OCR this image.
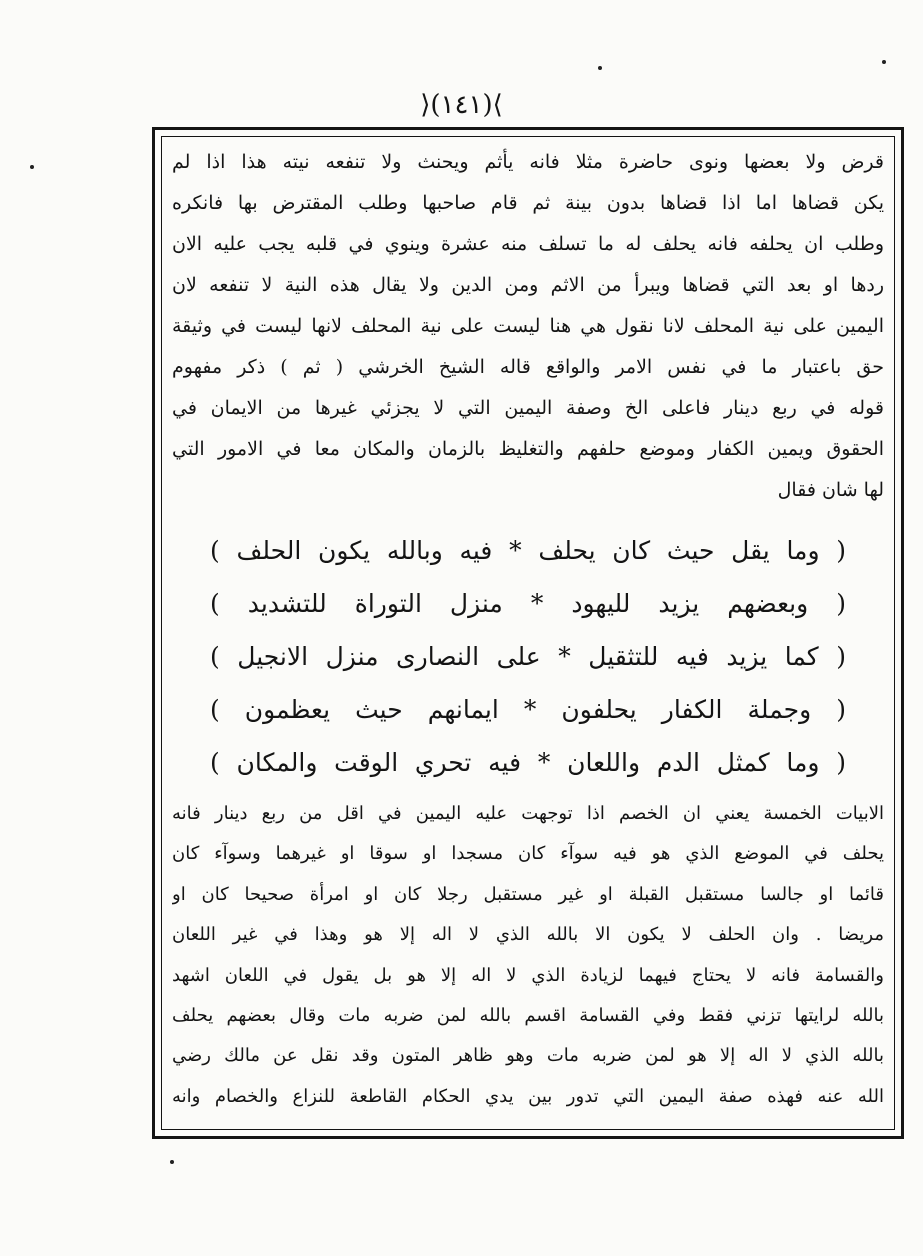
⟩(١٤١)⟨
قرض ولا بعضها ونوى حاضرة مثلا فانه يأثم ويحنث ولا تنفعه نيته هذا اذا لم
يكن قضاها اما اذا قضاها بدون بينة ثم قام صاحبها وطلب المقترض بها فانكره
وطلب ان يحلفه فانه يحلف له ما تسلف منه عشرة وينوي في قلبه يجب عليه الان
ردها او بعد التي قضاها ويبرأ من الاثم ومن الدين ولا يقال هذه النية لا تنفعه لان
اليمين على نية المحلف لانا نقول هي هنا ليست على نية المحلف لانها ليست في وثيقة
حق باعتبار ما في نفس الامر والواقع قاله الشيخ الخرشي ( ثم ) ذكر مفهوم
قوله في ربع دينار فاعلى الخ وصفة اليمين التي لا يجزئي غيرها من الايمان في
الحقوق ويمين الكفار وموضع حلفهم والتغليظ بالزمان والمكان معا في الامور التي
لها شان فقال
( وما يقل حيث كان يحلف * فيه وبالله يكون الحلف )
( وبعضهم يزيد لليهود * منزل التوراة للتشديد )
( كما يزيد فيه للتثقيل * على النصارى منزل الانجيل )
( وجملة الكفار يحلفون * ايمانهم حيث يعظمون )
( وما كمثل الدم واللعان * فيه تحري الوقت والمكان )
الابيات الخمسة يعني ان الخصم اذا توجهت عليه اليمين في اقل من ربع دينار فانه
يحلف في الموضع الذي هو فيه سوآء كان مسجدا او سوقا او غيرهما وسوآء كان
قائما او جالسا مستقبل القبلة او غير مستقبل رجلا كان او امرأة صحيحا كان او
مريضا . وان الحلف لا يكون الا بالله الذي لا اله إلا هو وهذا في غير اللعان
والقسامة فانه لا يحتاج فيهما لزيادة الذي لا اله إلا هو بل يقول في اللعان اشهد
بالله لرايتها تزني فقط وفي القسامة اقسم بالله لمن ضربه مات وقال بعضهم يحلف
بالله الذي لا اله إلا هو لمن ضربه مات وهو ظاهر المتون وقد نقل عن مالك رضي
الله عنه فهذه صفة اليمين التي تدور بين يدي الحكام القاطعة للنزاع والخصام وانه
